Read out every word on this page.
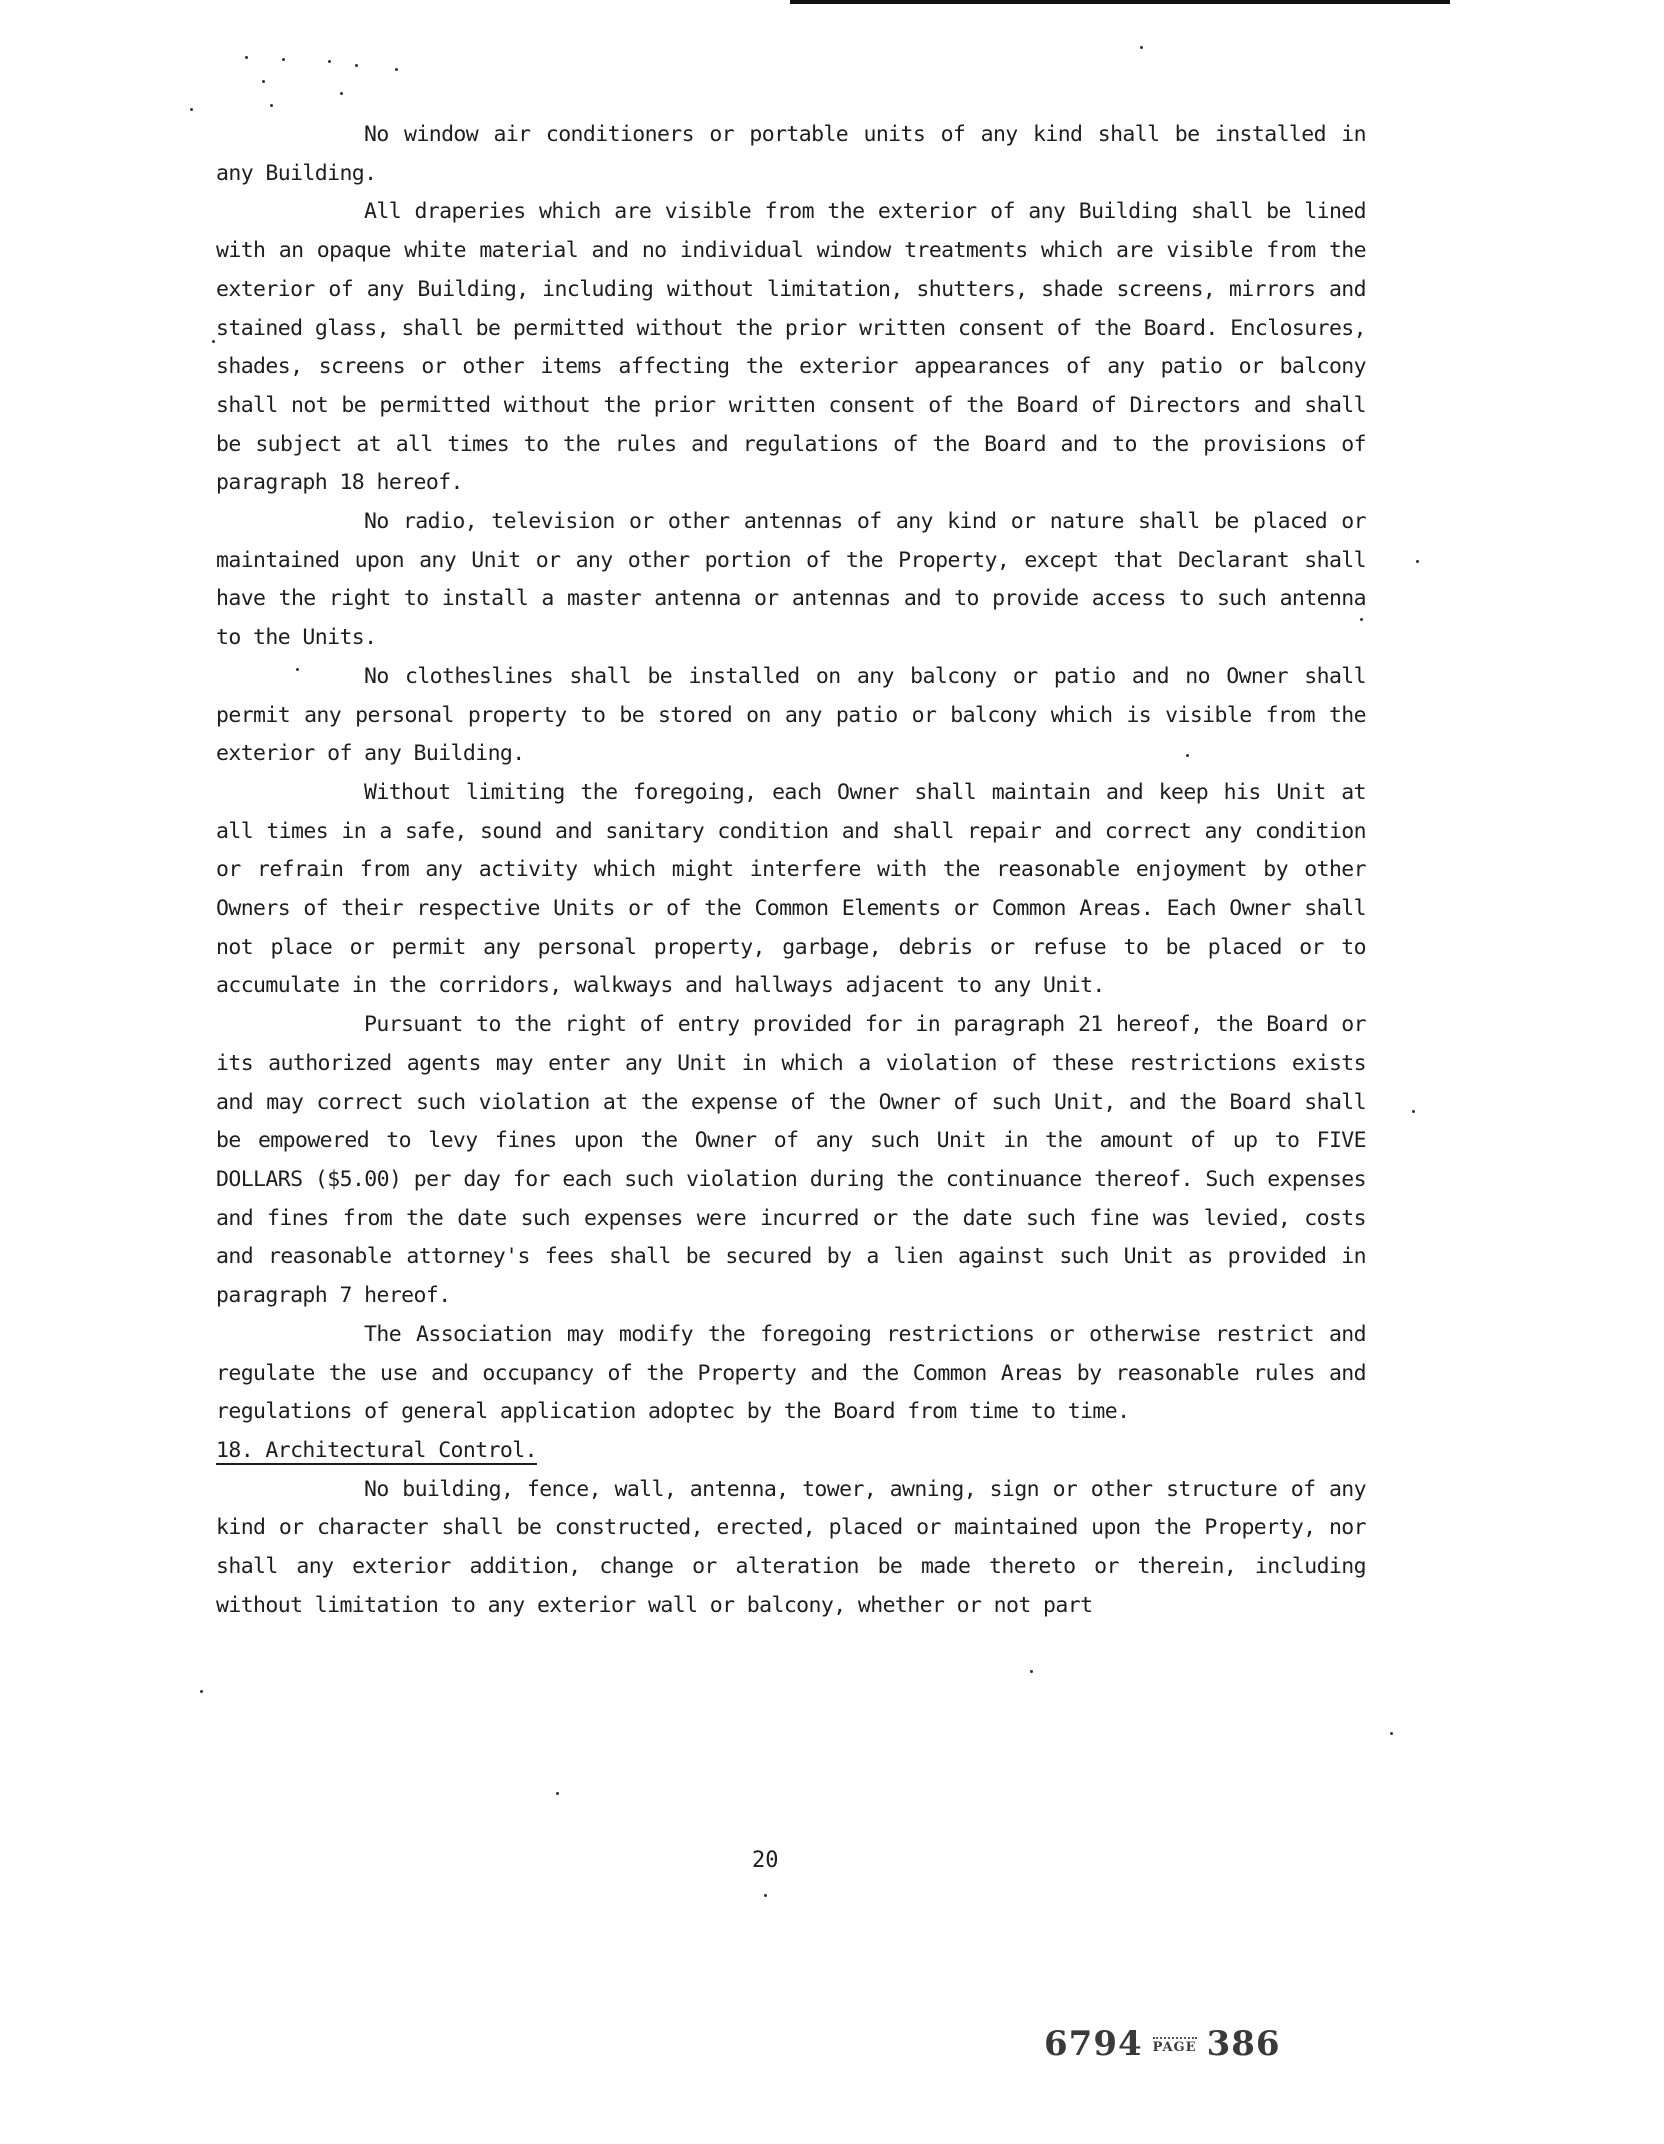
No window air conditioners or portable units of any kind shall be installed in any Building.

All draperies which are visible from the exterior of any Building shall be lined with an opaque white material and no individual window treatments which are visible from the exterior of any Building, including without limitation, shutters, shade screens, mirrors and stained glass, shall be permitted without the prior written consent of the Board. Enclosures, shades, screens or other items affecting the exterior appearances of any patio or balcony shall not be permitted without the prior written consent of the Board of Directors and shall be subject at all times to the rules and regulations of the Board and to the provisions of paragraph 18 hereof.

No radio, television or other antennas of any kind or nature shall be placed or maintained upon any Unit or any other portion of the Property, except that Declarant shall have the right to install a master antenna or antennas and to provide access to such antenna to the Units.

No clotheslines shall be installed on any balcony or patio and no Owner shall permit any personal property to be stored on any patio or balcony which is visible from the exterior of any Building.

Without limiting the foregoing, each Owner shall maintain and keep his Unit at all times in a safe, sound and sanitary condition and shall repair and correct any condition or refrain from any activity which might interfere with the reasonable enjoyment by other Owners of their respective Units or of the Common Elements or Common Areas. Each Owner shall not place or permit any personal property, garbage, debris or refuse to be placed or to accumulate in the corridors, walkways and hallways adjacent to any Unit.

Pursuant to the right of entry provided for in paragraph 21 hereof, the Board or its authorized agents may enter any Unit in which a violation of these restrictions exists and may correct such violation at the expense of the Owner of such Unit, and the Board shall be empowered to levy fines upon the Owner of any such Unit in the amount of up to FIVE DOLLARS ($5.00) per day for each such violation during the continuance thereof. Such expenses and fines from the date such expenses were incurred or the date such fine was levied, costs and reasonable attorney's fees shall be secured by a lien against such Unit as provided in paragraph 7 hereof.

The Association may modify the foregoing restrictions or otherwise restrict and regulate the use and occupancy of the Property and the Common Areas by reasonable rules and regulations of general application adoptec by the Board from time to time.

18. Architectural Control.

No building, fence, wall, antenna, tower, awning, sign or other structure of any kind or character shall be constructed, erected, placed or maintained upon the Property, nor shall any exterior addition, change or alteration be made thereto or therein, including without limitation to any exterior wall or balcony, whether or not part

20
6794 PAGE 386
